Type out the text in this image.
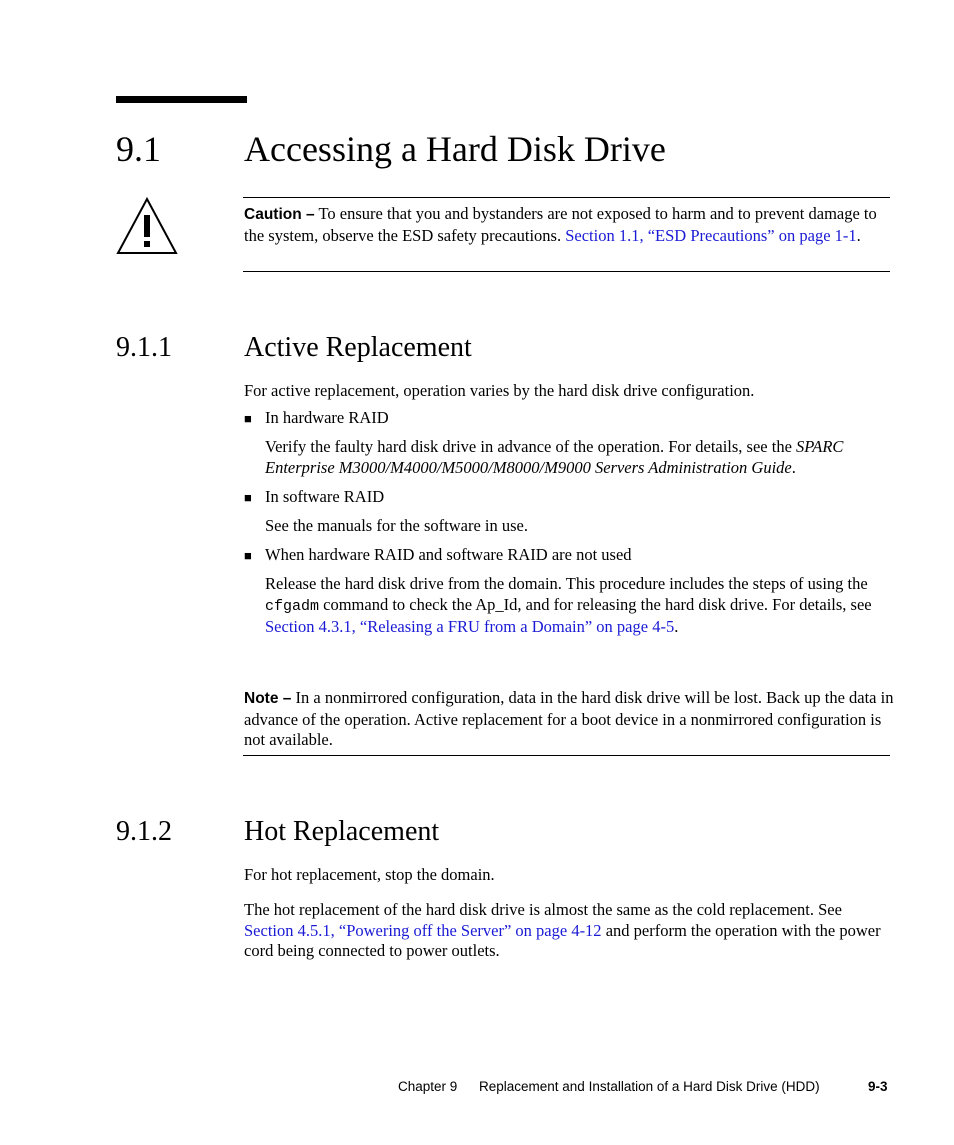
9.1 Accessing a Hard Disk Drive
Caution – To ensure that you and bystanders are not exposed to harm and to prevent damage to the system, observe the ESD safety precautions. Section 1.1, “ESD Precautions” on page 1-1.
9.1.1	Active Replacement
For active replacement, operation varies by the hard disk drive configuration.
■ In hardware RAID
Verify the faulty hard disk drive in advance of the operation. For details, see the SPARC Enterprise M3000/M4000/M5000/M8000/M9000 Servers Administration Guide.
■ In software RAID
See the manuals for the software in use.
■ When hardware RAID and software RAID are not used
Release the hard disk drive from the domain. This procedure includes the steps of using the cfgadm command to check the Ap_Id, and for releasing the hard disk drive. For details, see Section 4.3.1, “Releasing a FRU from a Domain” on page 4-5.
Note – In a nonmirrored configuration, data in the hard disk drive will be lost. Back up the data in advance of the operation. Active replacement for a boot device in a nonmirrored configuration is not available.
9.1.2	Hot Replacement
For hot replacement, stop the domain.
The hot replacement of the hard disk drive is almost the same as the cold replacement. See Section 4.5.1, “Powering off the Server” on page 4-12 and perform the operation with the power cord being connected to power outlets.
Chapter 9 Replacement and Installation of a Hard Disk Drive (HDD)	9-3
